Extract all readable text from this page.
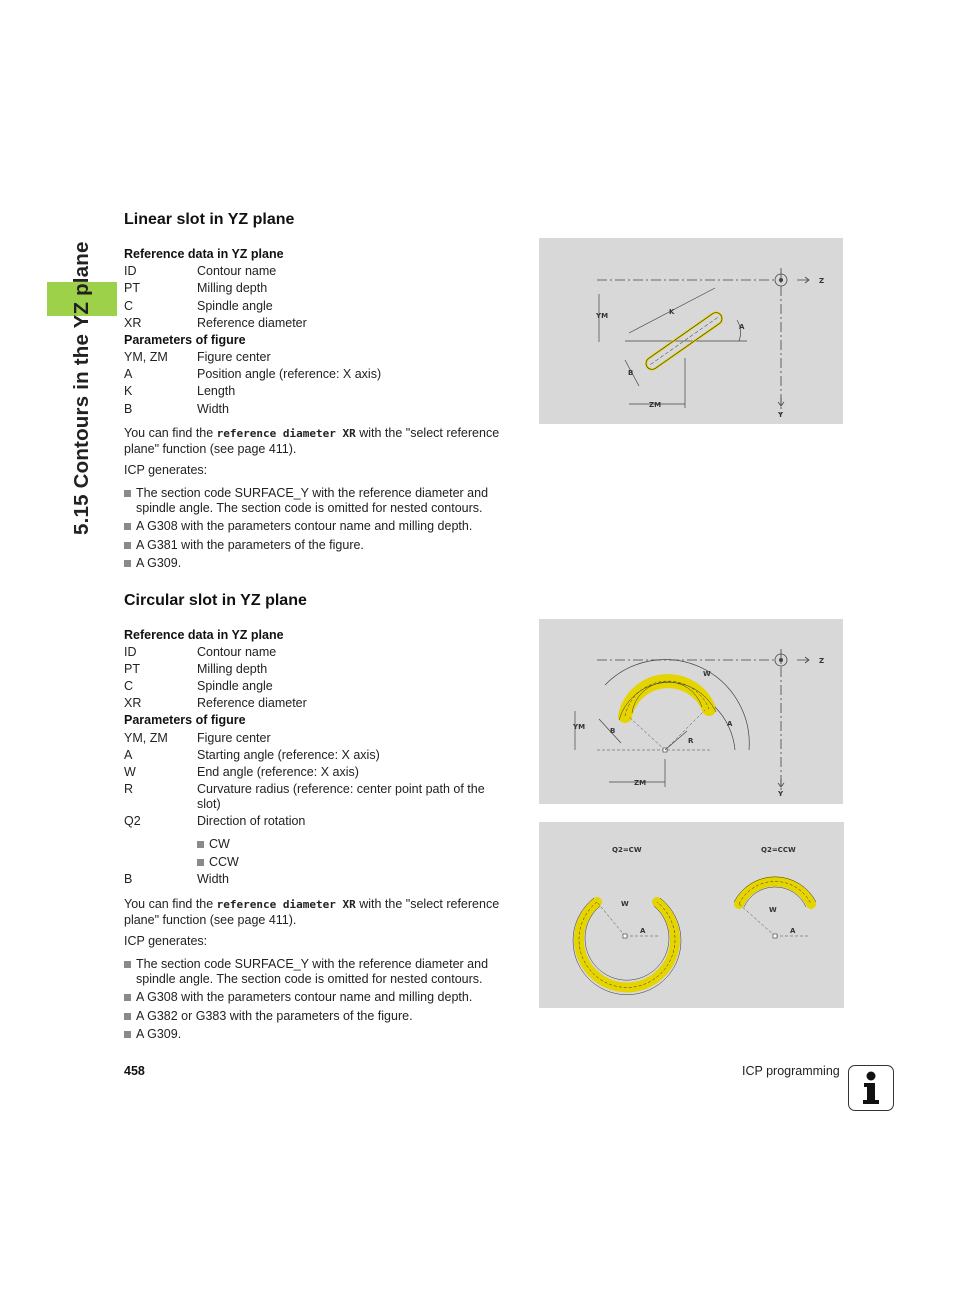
5.15 Contours in the YZ plane
Linear slot in YZ plane
Reference data in YZ plane
ID	Contour name
PT	Milling depth
C	Spindle angle
XR	Reference diameter
Parameters of figure
YM, ZM Figure center
A	Position angle (reference: X axis)
K	Length
B	Width
You can find the reference diameter XR with the "select reference plane" function (see page 411).
ICP generates:
The section code SURFACE_Y with the reference diameter and spindle angle. The section code is omitted for nested contours.
A G308 with the parameters contour name and milling depth.
A G381 with the parameters of the figure.
A G309.
Z
Y
K
YM
ZM
A
B
Circular slot in YZ plane
Reference data in YZ plane
ID	Contour name
PT	Milling depth
C	Spindle angle
XR	Reference diameter
Parameters of figure
YM, ZM Figure center
A	Starting angle (reference: X axis)
W	End angle (reference: X axis)
R	Curvature radius (reference: center point path of the
slot)
Q2	Direction of rotation
CW
CCW
B	Width
You can find the reference diameter XR with the "select reference plane" function (see page 411).
ICP generates:
The section code SURFACE_Y with the reference diameter and spindle angle. The section code is omitted for nested contours.
A G308 with the parameters contour name and milling depth.
A G382 or G383 with the parameters of the figure.
A G309.
Z
Y
W
A
R
B
YM
ZM
Q2=CW	Q2=CCW
W
A
W
A
458	ICP programming
